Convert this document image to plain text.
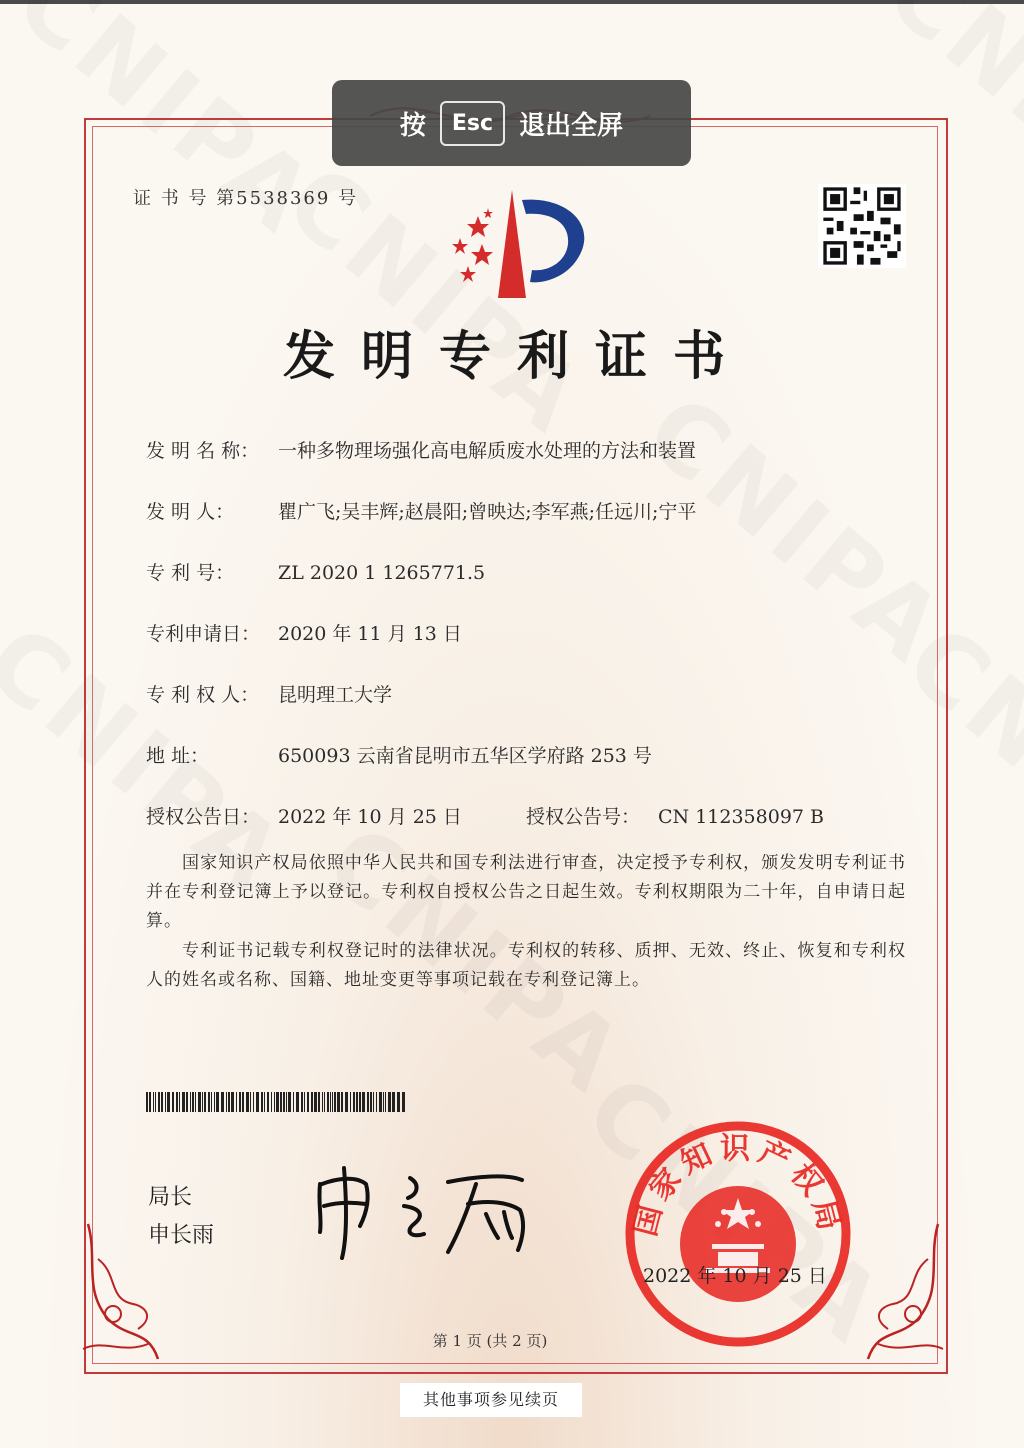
证 书 号 第5538369 号
发明专利证书
发 明 名 称： 一种多物理场强化高电解质废水处理的方法和装置
发 明 人： 瞿广飞;吴丰辉;赵晨阳;曾映达;李军燕;任远川;宁平
专 利 号： ZL 2020 1 1265771.5
专利申请日： 2020 年 11 月 13 日
专 利 权 人： 昆明理工大学
地 址：	650093 云南省昆明市五华区学府路 253 号
授权公告日： 2022 年 10 月 25 日	授权公告号： CN 112358097 B
国家知识产权局依照中华人民共和国专利法进行审查，决定授予专利权，颁发发明专利证书并在专利登记簿上予以登记。专利权自授权公告之日起生效。专利权期限为二十年，自申请日起算。
专利证书记载专利权登记时的法律状况。专利权的转移、质押、无效、终止、恢复和专利权人的姓名或名称、国籍、地址变更等事项记载在专利登记簿上。
局长
申长雨	国家知识产权局
2022 年 10 月 25 日
第 1 页 (共 2 页)
其他事项参见续页
按	Esc	退出全屏
